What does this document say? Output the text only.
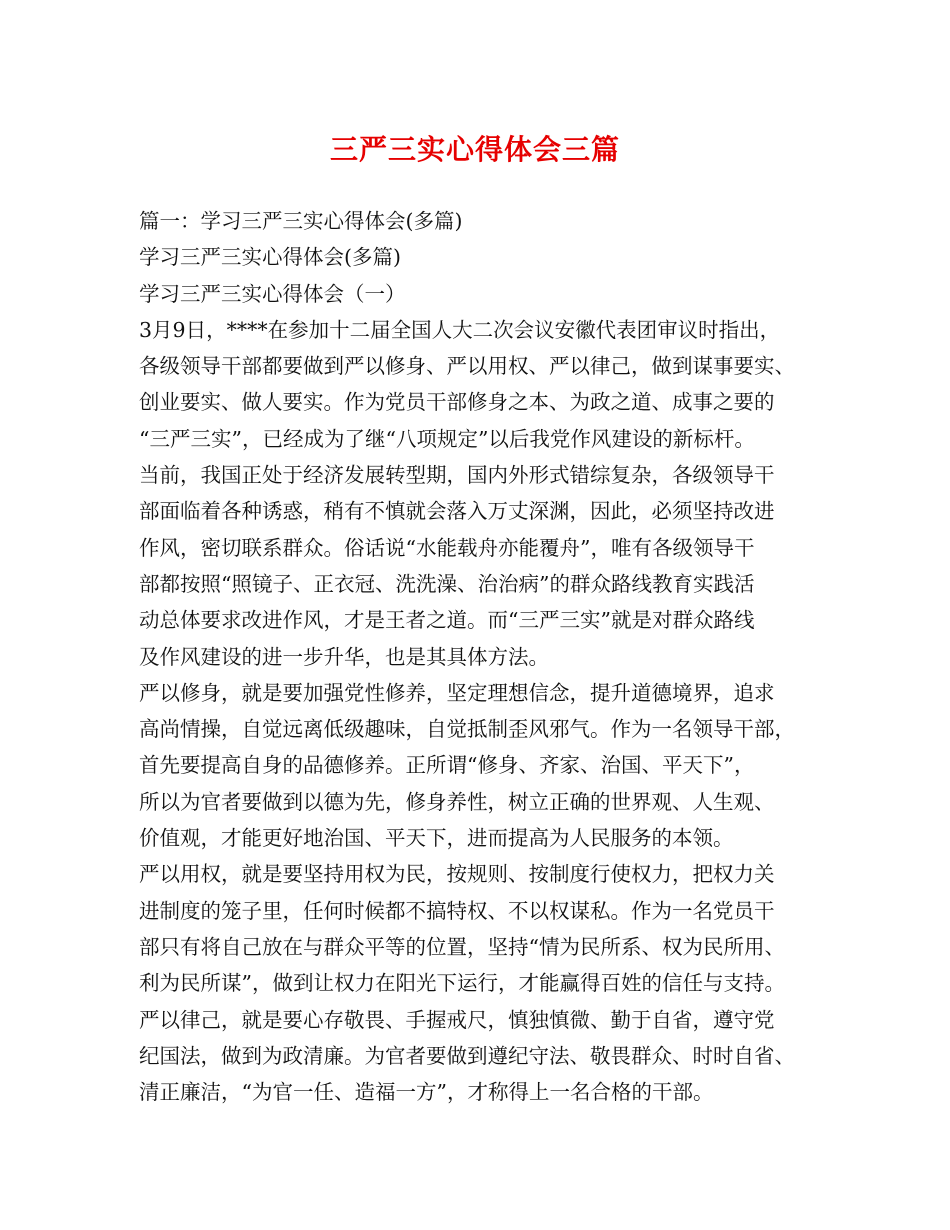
三严三实心得体会三篇
篇一：学习三严三实心得体会(多篇)
学习三严三实心得体会(多篇)
学习三严三实心得体会（一）
3月9日，****在参加十二届全国人大二次会议安徽代表团审议时指出，
各级领导干部都要做到严以修身、严以用权、严以律己，做到谋事要实、
创业要实、做人要实。作为党员干部修身之本、为政之道、成事之要的
“三严三实”，已经成为了继“八项规定”以后我党作风建设的新标杆。
当前，我国正处于经济发展转型期，国内外形式错综复杂，各级领导干
部面临着各种诱惑，稍有不慎就会落入万丈深渊，因此，必须坚持改进
作风，密切联系群众。俗话说“水能载舟亦能覆舟”，唯有各级领导干
部都按照“照镜子、正衣冠、洗洗澡、治治病”的群众路线教育实践活
动总体要求改进作风，才是王者之道。而“三严三实”就是对群众路线
及作风建设的进一步升华，也是其具体方法。
严以修身，就是要加强党性修养，坚定理想信念，提升道德境界，追求
高尚情操，自觉远离低级趣味，自觉抵制歪风邪气。作为一名领导干部，
首先要提高自身的品德修养。正所谓“修身、齐家、治国、平天下”，
所以为官者要做到以德为先，修身养性，树立正确的世界观、人生观、
价值观，才能更好地治国、平天下，进而提高为人民服务的本领。
严以用权，就是要坚持用权为民，按规则、按制度行使权力，把权力关
进制度的笼子里，任何时候都不搞特权、不以权谋私。作为一名党员干
部只有将自己放在与群众平等的位置，坚持“情为民所系、权为民所用、
利为民所谋”，做到让权力在阳光下运行，才能赢得百姓的信任与支持。
严以律己，就是要心存敬畏、手握戒尺，慎独慎微、勤于自省，遵守党
纪国法，做到为政清廉。为官者要做到遵纪守法、敬畏群众、时时自省、
清正廉洁，“为官一任、造福一方”，才称得上一名合格的干部。
